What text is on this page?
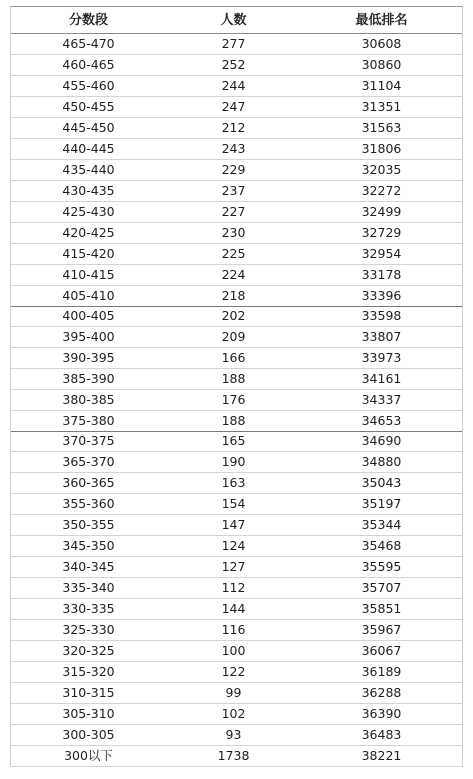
分数段	人数	最低排名
465-470	277	30608
460-465	252	30860
455-460	244	31104
450-455	247	31351
445-450	212	31563
440-445	243	31806
435-440	229	32035
430-435	237	32272
425-430	227	32499
420-425	230	32729
415-420	225	32954
410-415	224	33178
405-410	218	33396
400-405	202	33598
395-400	209	33807
390-395	166	33973
385-390	188	34161
380-385	176	34337
375-380	188	34653
370-375	165	34690
365-370	190	34880
360-365	163	35043
355-360	154	35197
350-355	147	35344
345-350	124	35468
340-345	127	35595
335-340	112	35707
330-335	144	35851
325-330	116	35967
320-325	100	36067
315-320	122	36189
310-315	99	36288
305-310	102	36390
300-305	93	36483
300以下	1738	38221
